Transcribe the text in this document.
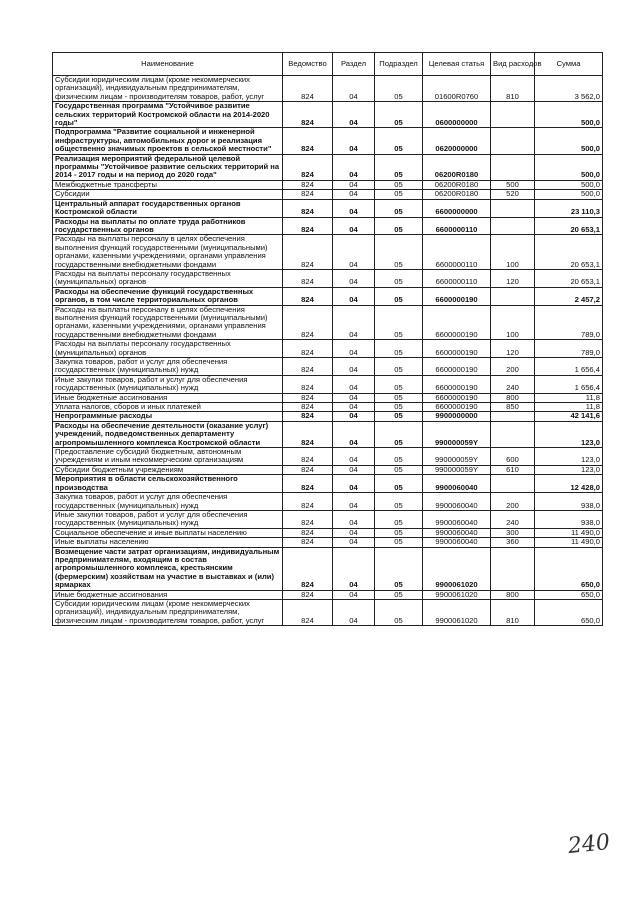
Наименование	Ведомство	Раздел	Подраздел	Целевая статья	Вид расходов	Сумма
Субсидии юридическим лицам (кроме некоммерческих организаций), индивидуальным предпринимателям, физическим лицам - производителям товаров, работ, услуг	824	04	05	01600R0760	810	3 562,0
Государственная программа "Устойчивое развитие сельских территорий Костромской области на 2014-2020 годы"	824	04	05	0600000000		500,0
Подпрограмма "Развитие социальной и инженерной инфраструктуры, автомобильных дорог и реализация общественно значимых проектов в сельской местности"	824	04	05	0620000000		500,0
Реализация мероприятий федеральной целевой программы "Устойчивое развитие сельских территорий на 2014 - 2017 годы и на период до 2020 года"	824	04	05	06200R0180		500,0
Межбюджетные трансферты	824	04	05	06200R0180	500	500,0
Субсидии	824	04	05	06200R0180	520	500,0
Центральный аппарат государственных органов Костромской области	824	04	05	6600000000		23 110,3
Расходы на выплаты по оплате труда работников государственных органов	824	04	05	6600000110		20 653,1
Расходы на выплаты персоналу в целях обеспечения выполнения функций государственными (муниципальными) органами, казенными учреждениями, органами управления государственными внебюджетными фондами	824	04	05	6600000110	100	20 653,1
Расходы на выплаты персоналу государственных (муниципальных) органов	824	04	05	6600000110	120	20 653,1
Расходы на обеспечение функций государственных органов, в том числе территориальных органов	824	04	05	6600000190		2 457,2
Расходы на выплаты персоналу в целях обеспечения выполнения функций государственными (муниципальными) органами, казенными учреждениями, органами управления государственными внебюджетными фондами	824	04	05	6600000190	100	789,0
Расходы на выплаты персоналу государственных (муниципальных) органов	824	04	05	6600000190	120	789,0
Закупка товаров, работ и услуг для обеспечения государственных (муниципальных) нужд	824	04	05	6600000190	200	1 656,4
Иные закупки товаров, работ и услуг для обеспечения государственных (муниципальных) нужд	824	04	05	6600000190	240	1 656,4
Иные бюджетные ассигнования	824	04	05	6600000190	800	11,8
Уплата налогов, сборов и иных платежей	824	04	05	6600000190	850	11,8
Непрограммные расходы	824	04	05	9900000000		42 141,6
Расходы на обеспечение деятельности (оказание услуг) учреждений, подведомственных департаменту агропромышленного комплекса Костромской области	824	04	05	990000059Y		123,0
Предоставление субсидий бюджетным, автономным учреждениям и иным некоммерческим организациям	824	04	05	990000059Y	600	123,0
Субсидии бюджетным учреждениям	824	04	05	990000059Y	610	123,0
Мероприятия в области сельскохозяйственного производства	824	04	05	9900060040		12 428,0
Закупка товаров, работ и услуг для обеспечения государственных (муниципальных) нужд	824	04	05	9900060040	200	938,0
Иные закупки товаров, работ и услуг для обеспечения государственных (муниципальных) нужд	824	04	05	9900060040	240	938,0
Социальное обеспечение и иные выплаты населению	824	04	05	9900060040	300	11 490,0
Иные выплаты населению	824	04	05	9900060040	360	11 490,0
Возмещение части затрат организациям, индивидуальным предпринимателям, входящим в состав агропромышленного комплекса, крестьянским (фермерским) хозяйствам на участие в выставках и (или) ярмарках	824	04	05	9900061020		650,0
Иные бюджетные ассигнования	824	04	05	9900061020	800	650,0
Субсидии юридическим лицам (кроме некоммерческих организаций), индивидуальным предпринимателям, физическим лицам - производителям товаров, работ, услуг	824	04	05	9900061020	810	650,0
240
